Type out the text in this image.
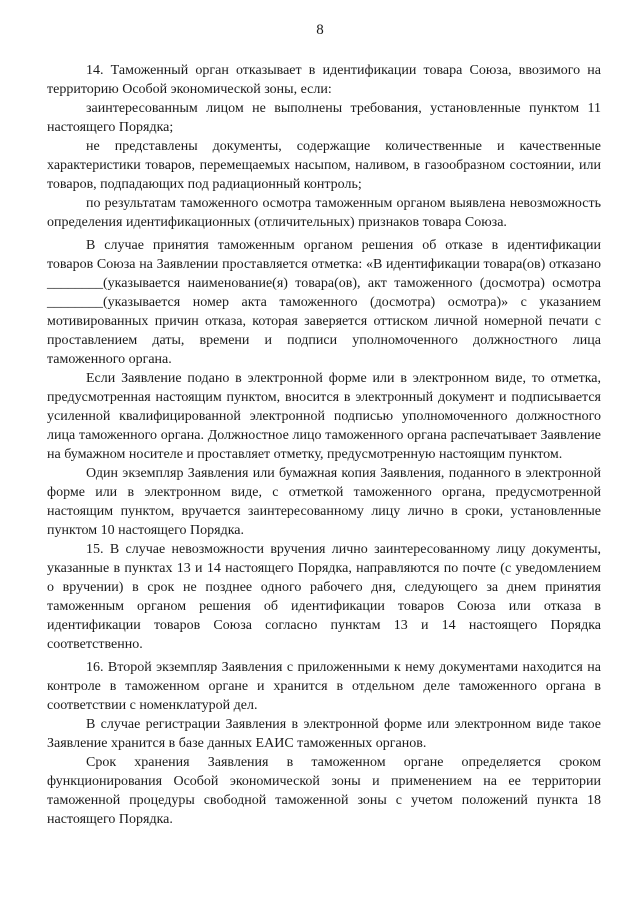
8

14. Таможенный орган отказывает в идентификации товара Союза, ввозимого на территорию Особой экономической зоны, если:

заинтересованным лицом не выполнены требования, установленные пунктом 11 настоящего Порядка;

не представлены документы, содержащие количественные и качественные характеристики товаров, перемещаемых насыпом, наливом, в газообразном состоянии, или товаров, подпадающих под радиационный контроль;

по результатам таможенного осмотра таможенным органом выявлена невозможность определения идентификационных (отличительных) признаков товара Союза.

В случае принятия таможенным органом решения об отказе в идентификации товаров Союза на Заявлении проставляется отметка: «В идентификации товара(ов) отказано ________(указывается наименование(я) товара(ов), акт таможенного (досмотра) осмотра ________(указывается номер акта таможенного (досмотра) осмотра)» с указанием мотивированных причин отказа, которая заверяется оттиском личной номерной печати с проставлением даты, времени и подписи уполномоченного должностного лица таможенного органа.

Если Заявление подано в электронной форме или в электронном виде, то отметка, предусмотренная настоящим пунктом, вносится в электронный документ и подписывается усиленной квалифицированной электронной подписью уполномоченного должностного лица таможенного органа. Должностное лицо таможенного органа распечатывает Заявление на бумажном носителе и проставляет отметку, предусмотренную настоящим пунктом.

Один экземпляр Заявления или бумажная копия Заявления, поданного в электронной форме или в электронном виде, с отметкой таможенного органа, предусмотренной настоящим пунктом, вручается заинтересованному лицу лично в сроки, установленные пунктом 10 настоящего Порядка.

15. В случае невозможности вручения лично заинтересованному лицу документы, указанные в пунктах 13 и 14 настоящего Порядка, направляются по почте (с уведомлением о вручении) в срок не позднее одного рабочего дня, следующего за днем принятия таможенным органом решения об идентификации товаров Союза или отказа в идентификации товаров Союза согласно пунктам 13 и 14 настоящего Порядка соответственно.

16. Второй экземпляр Заявления с приложенными к нему документами находится на контроле в таможенном органе и хранится в отдельном деле таможенного органа в соответствии с номенклатурой дел.

В случае регистрации Заявления в электронной форме или электронном виде такое Заявление хранится в базе данных ЕАИС таможенных органов.

Срок хранения Заявления в таможенном органе определяется сроком функционирования Особой экономической зоны и применением на ее территории таможенной процедуры свободной таможенной зоны с учетом положений пункта 18 настоящего Порядка.
